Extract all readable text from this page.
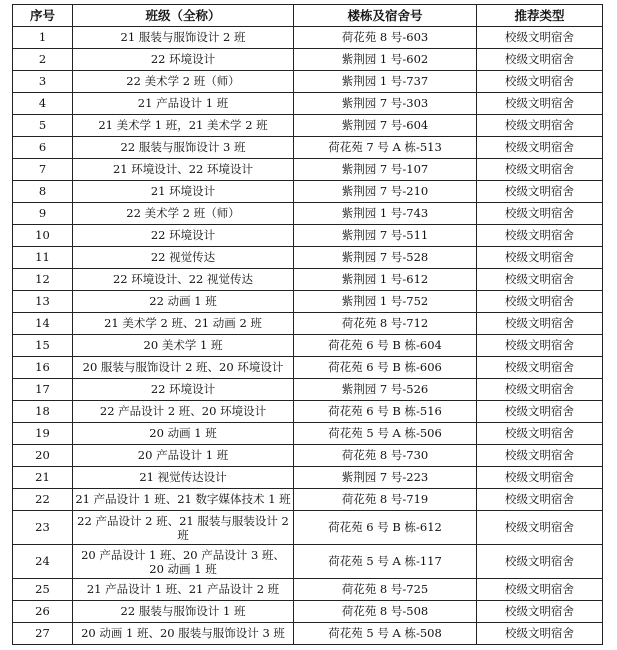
序号	班级（全称）	楼栋及宿舍号	推荐类型
1	21 服装与服饰设计 2 班	荷花苑 8 号-603	校级文明宿舍
2	22 环境设计	紫荆园 1 号-602	校级文明宿舍
3	22 美术学 2 班（师）	紫荆园 1 号-737	校级文明宿舍
4	21 产品设计 1 班	紫荆园 7 号-303	校级文明宿舍
5	21 美术学 1 班，21 美术学 2 班	紫荆园 7 号-604	校级文明宿舍
6	22 服装与服饰设计 3 班	荷花苑 7 号 A 栋-513	校级文明宿舍
7	21 环境设计、22 环境设计	紫荆园 7 号-107	校级文明宿舍
8	21 环境设计	紫荆园 7 号-210	校级文明宿舍
9	22 美术学 2 班（师）	紫荆园 1 号-743	校级文明宿舍
10	22 环境设计	紫荆园 7 号-511	校级文明宿舍
11	22 视觉传达	紫荆园 7 号-528	校级文明宿舍
12	22 环境设计、22 视觉传达	紫荆园 1 号-612	校级文明宿舍
13	22 动画 1 班	紫荆园 1 号-752	校级文明宿舍
14	21 美术学 2 班、21 动画 2 班	荷花苑 8 号-712	校级文明宿舍
15	20 美术学 1 班	荷花苑 6 号 B 栋-604	校级文明宿舍
16	20 服装与服饰设计 2 班、20 环境设计	荷花苑 6 号 B 栋-606	校级文明宿舍
17	22 环境设计	紫荆园 7 号-526	校级文明宿舍
18	22 产品设计 2 班、20 环境设计	荷花苑 6 号 B 栋-516	校级文明宿舍
19	20 动画 1 班	荷花苑 5 号 A 栋-506	校级文明宿舍
20	20 产品设计 1 班	荷花苑 8 号-730	校级文明宿舍
21	21 视觉传达设计	紫荆园 7 号-223	校级文明宿舍
22	21 产品设计 1 班、21 数字媒体技术 1 班	荷花苑 8 号-719	校级文明宿舍
23	22 产品设计 2 班、21 服装与服装设计 2 班	荷花苑 6 号 B 栋-612	校级文明宿舍
24	20 产品设计 1 班、20 产品设计 3 班、20 动画 1 班	荷花苑 5 号 A 栋-117	校级文明宿舍
25	21 产品设计 1 班、21 产品设计 2 班	荷花苑 8 号-725	校级文明宿舍
26	22 服装与服饰设计 1 班	荷花苑 8 号-508	校级文明宿舍
27	20 动画 1 班、20 服装与服饰设计 3 班	荷花苑 5 号 A 栋-508	校级文明宿舍
